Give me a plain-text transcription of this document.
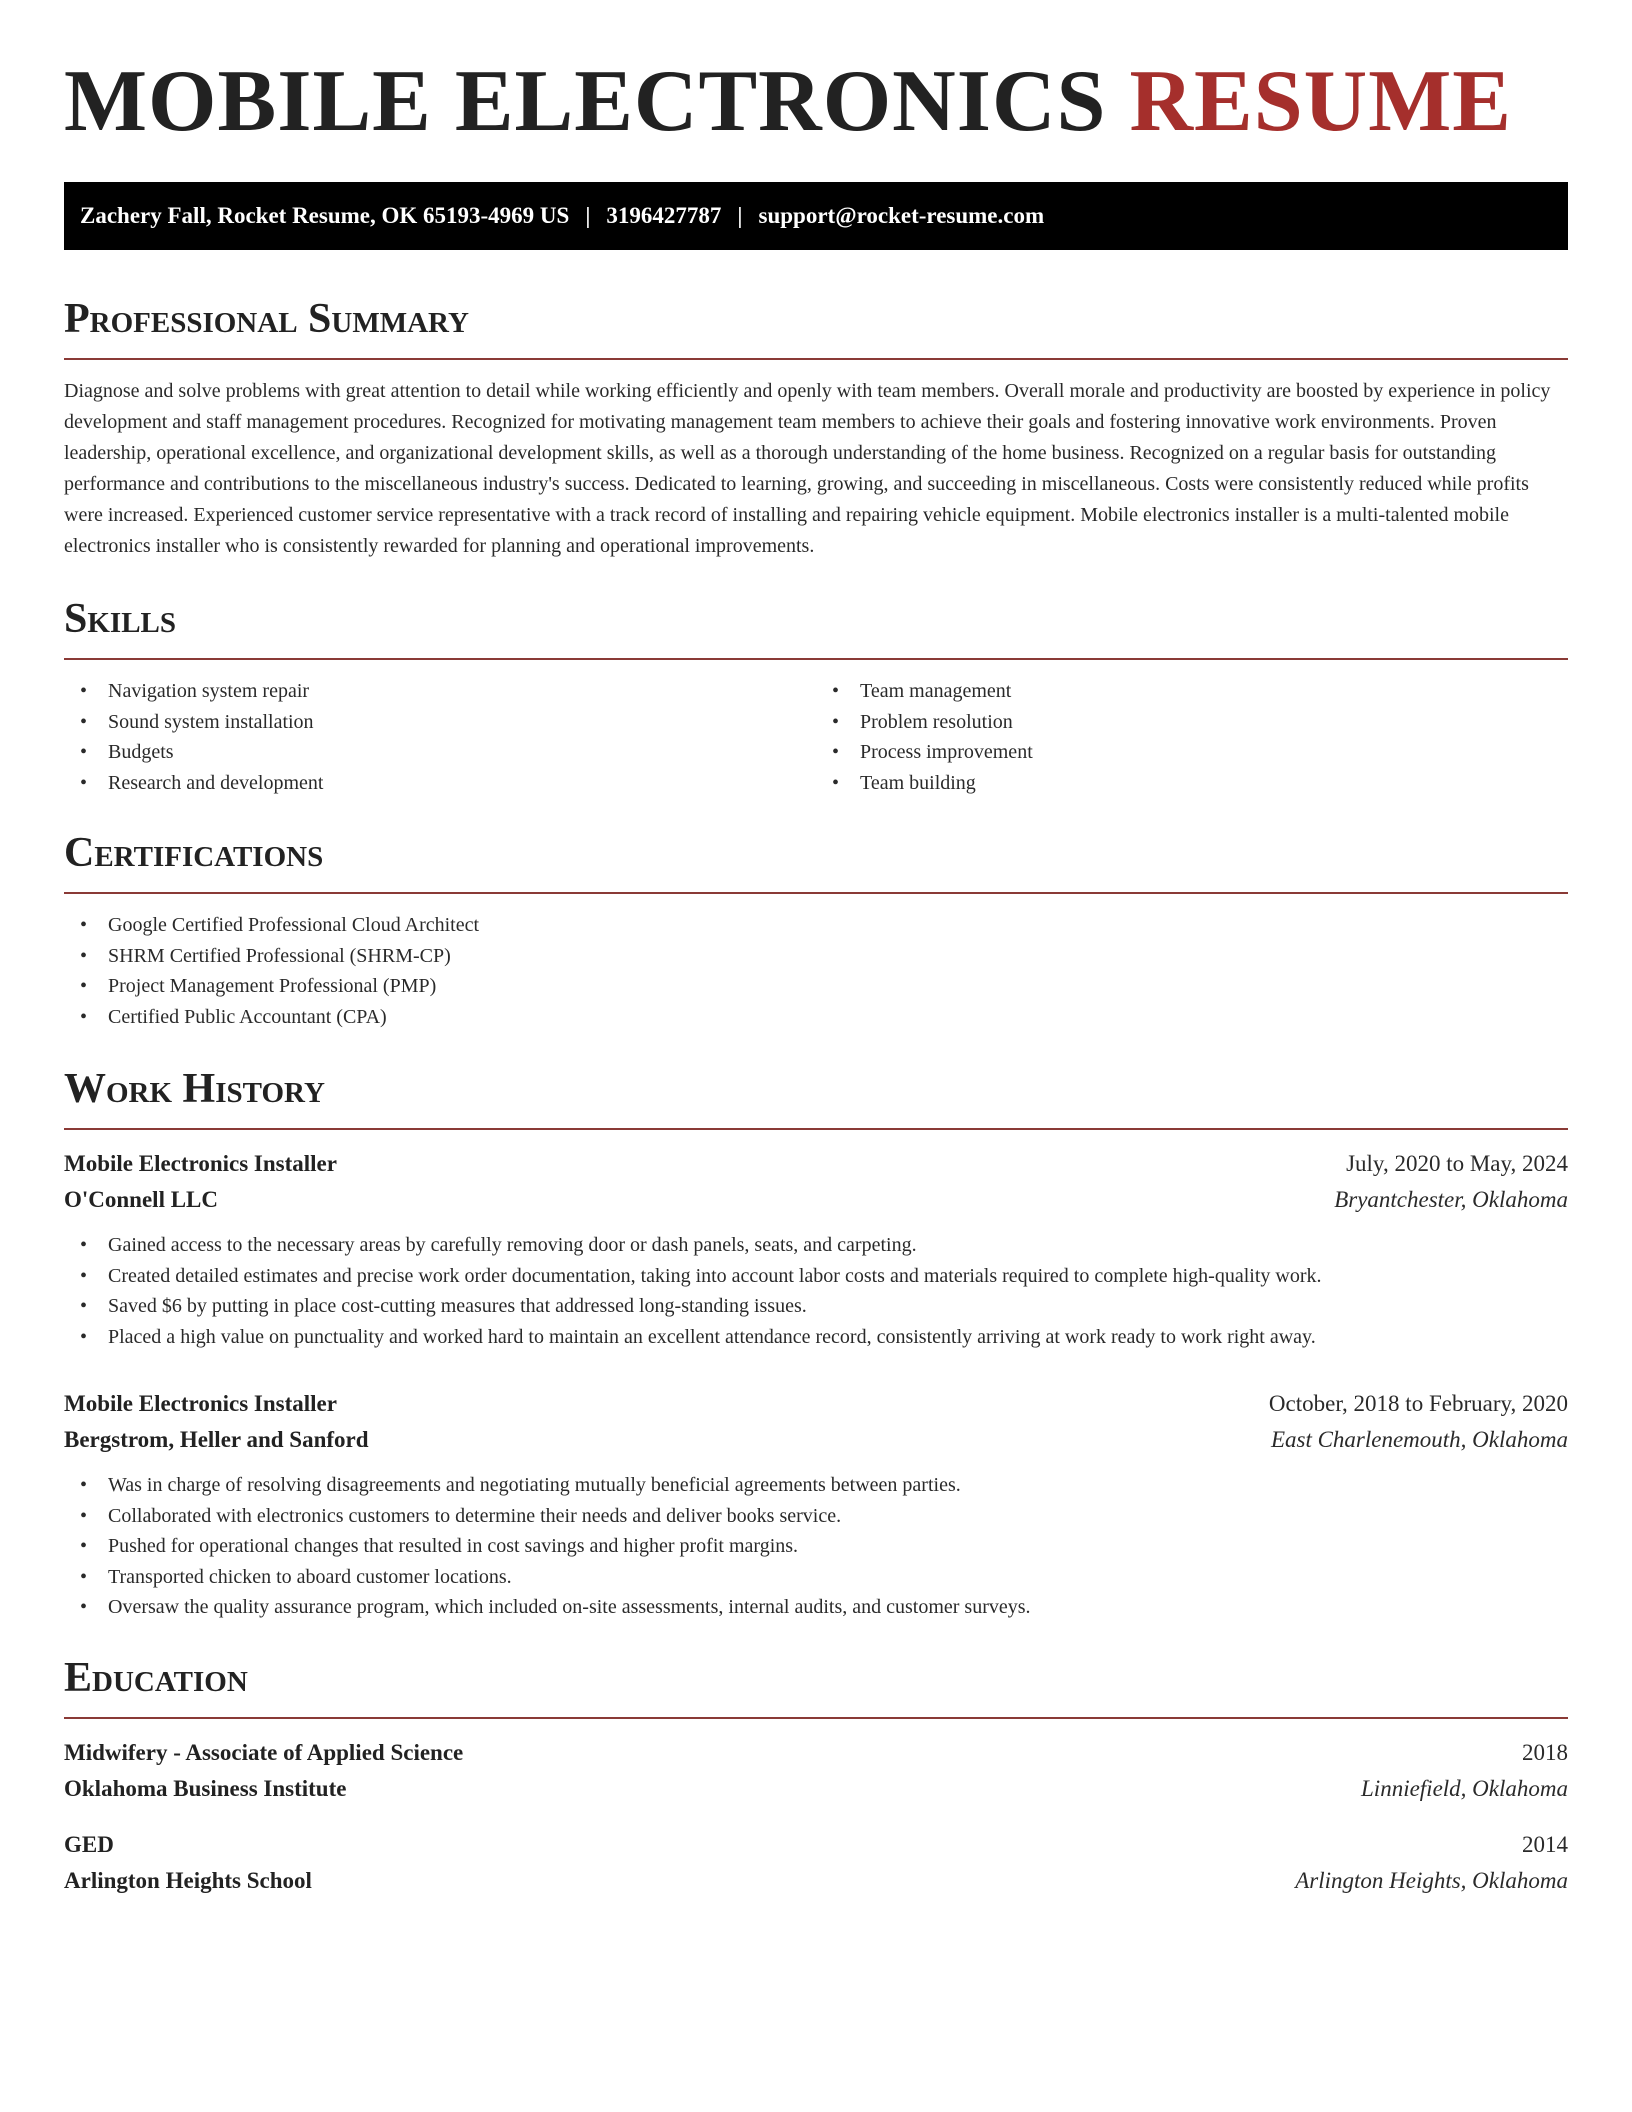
MOBILE ELECTRONICS RESUME
Zachery Fall, Rocket Resume, OK 65193-4969 US | 3196427787 | support@rocket-resume.com
Professional Summary

Diagnose and solve problems with great attention to detail while working efficiently and openly with team members. Overall morale and productivity are boosted by experience in policy development and staff management procedures. Recognized for motivating management team members to achieve their goals and fostering innovative work environments. Proven leadership, operational excellence, and organizational development skills, as well as a thorough understanding of the home business. Recognized on a regular basis for outstanding performance and contributions to the miscellaneous industry's success. Dedicated to learning, growing, and succeeding in miscellaneous. Costs were consistently reduced while profits were increased. Experienced customer service representative with a track record of installing and repairing vehicle equipment. Mobile electronics installer is a multi-talented mobile electronics installer who is consistently rewarded for planning and operational improvements.

Skills
• Navigation system repair
• Sound system installation
• Budgets
• Research and development
• Team management
• Problem resolution
• Process improvement
• Team building
Certifications
• Google Certified Professional Cloud Architect
• SHRM Certified Professional (SHRM-CP)
• Project Management Professional (PMP)
• Certified Public Accountant (CPA)
Work History
Mobile Electronics Installer	July, 2020 to May, 2024
O'Connell LLC	Bryantchester, Oklahoma
• Gained access to the necessary areas by carefully removing door or dash panels, seats, and carpeting.
• Created detailed estimates and precise work order documentation, taking into account labor costs and materials required to complete high-quality work.
• Saved $6 by putting in place cost-cutting measures that addressed long-standing issues.
• Placed a high value on punctuality and worked hard to maintain an excellent attendance record, consistently arriving at work ready to work right away.
Mobile Electronics Installer	October, 2018 to February, 2020
Bergstrom, Heller and Sanford	East Charlenemouth, Oklahoma
• Was in charge of resolving disagreements and negotiating mutually beneficial agreements between parties.
• Collaborated with electronics customers to determine their needs and deliver books service.
• Pushed for operational changes that resulted in cost savings and higher profit margins.
• Transported chicken to aboard customer locations.
• Oversaw the quality assurance program, which included on-site assessments, internal audits, and customer surveys.
Education
Midwifery - Associate of Applied Science	2018
Oklahoma Business Institute	Linniefield, Oklahoma
GED	2014
Arlington Heights School	Arlington Heights, Oklahoma
